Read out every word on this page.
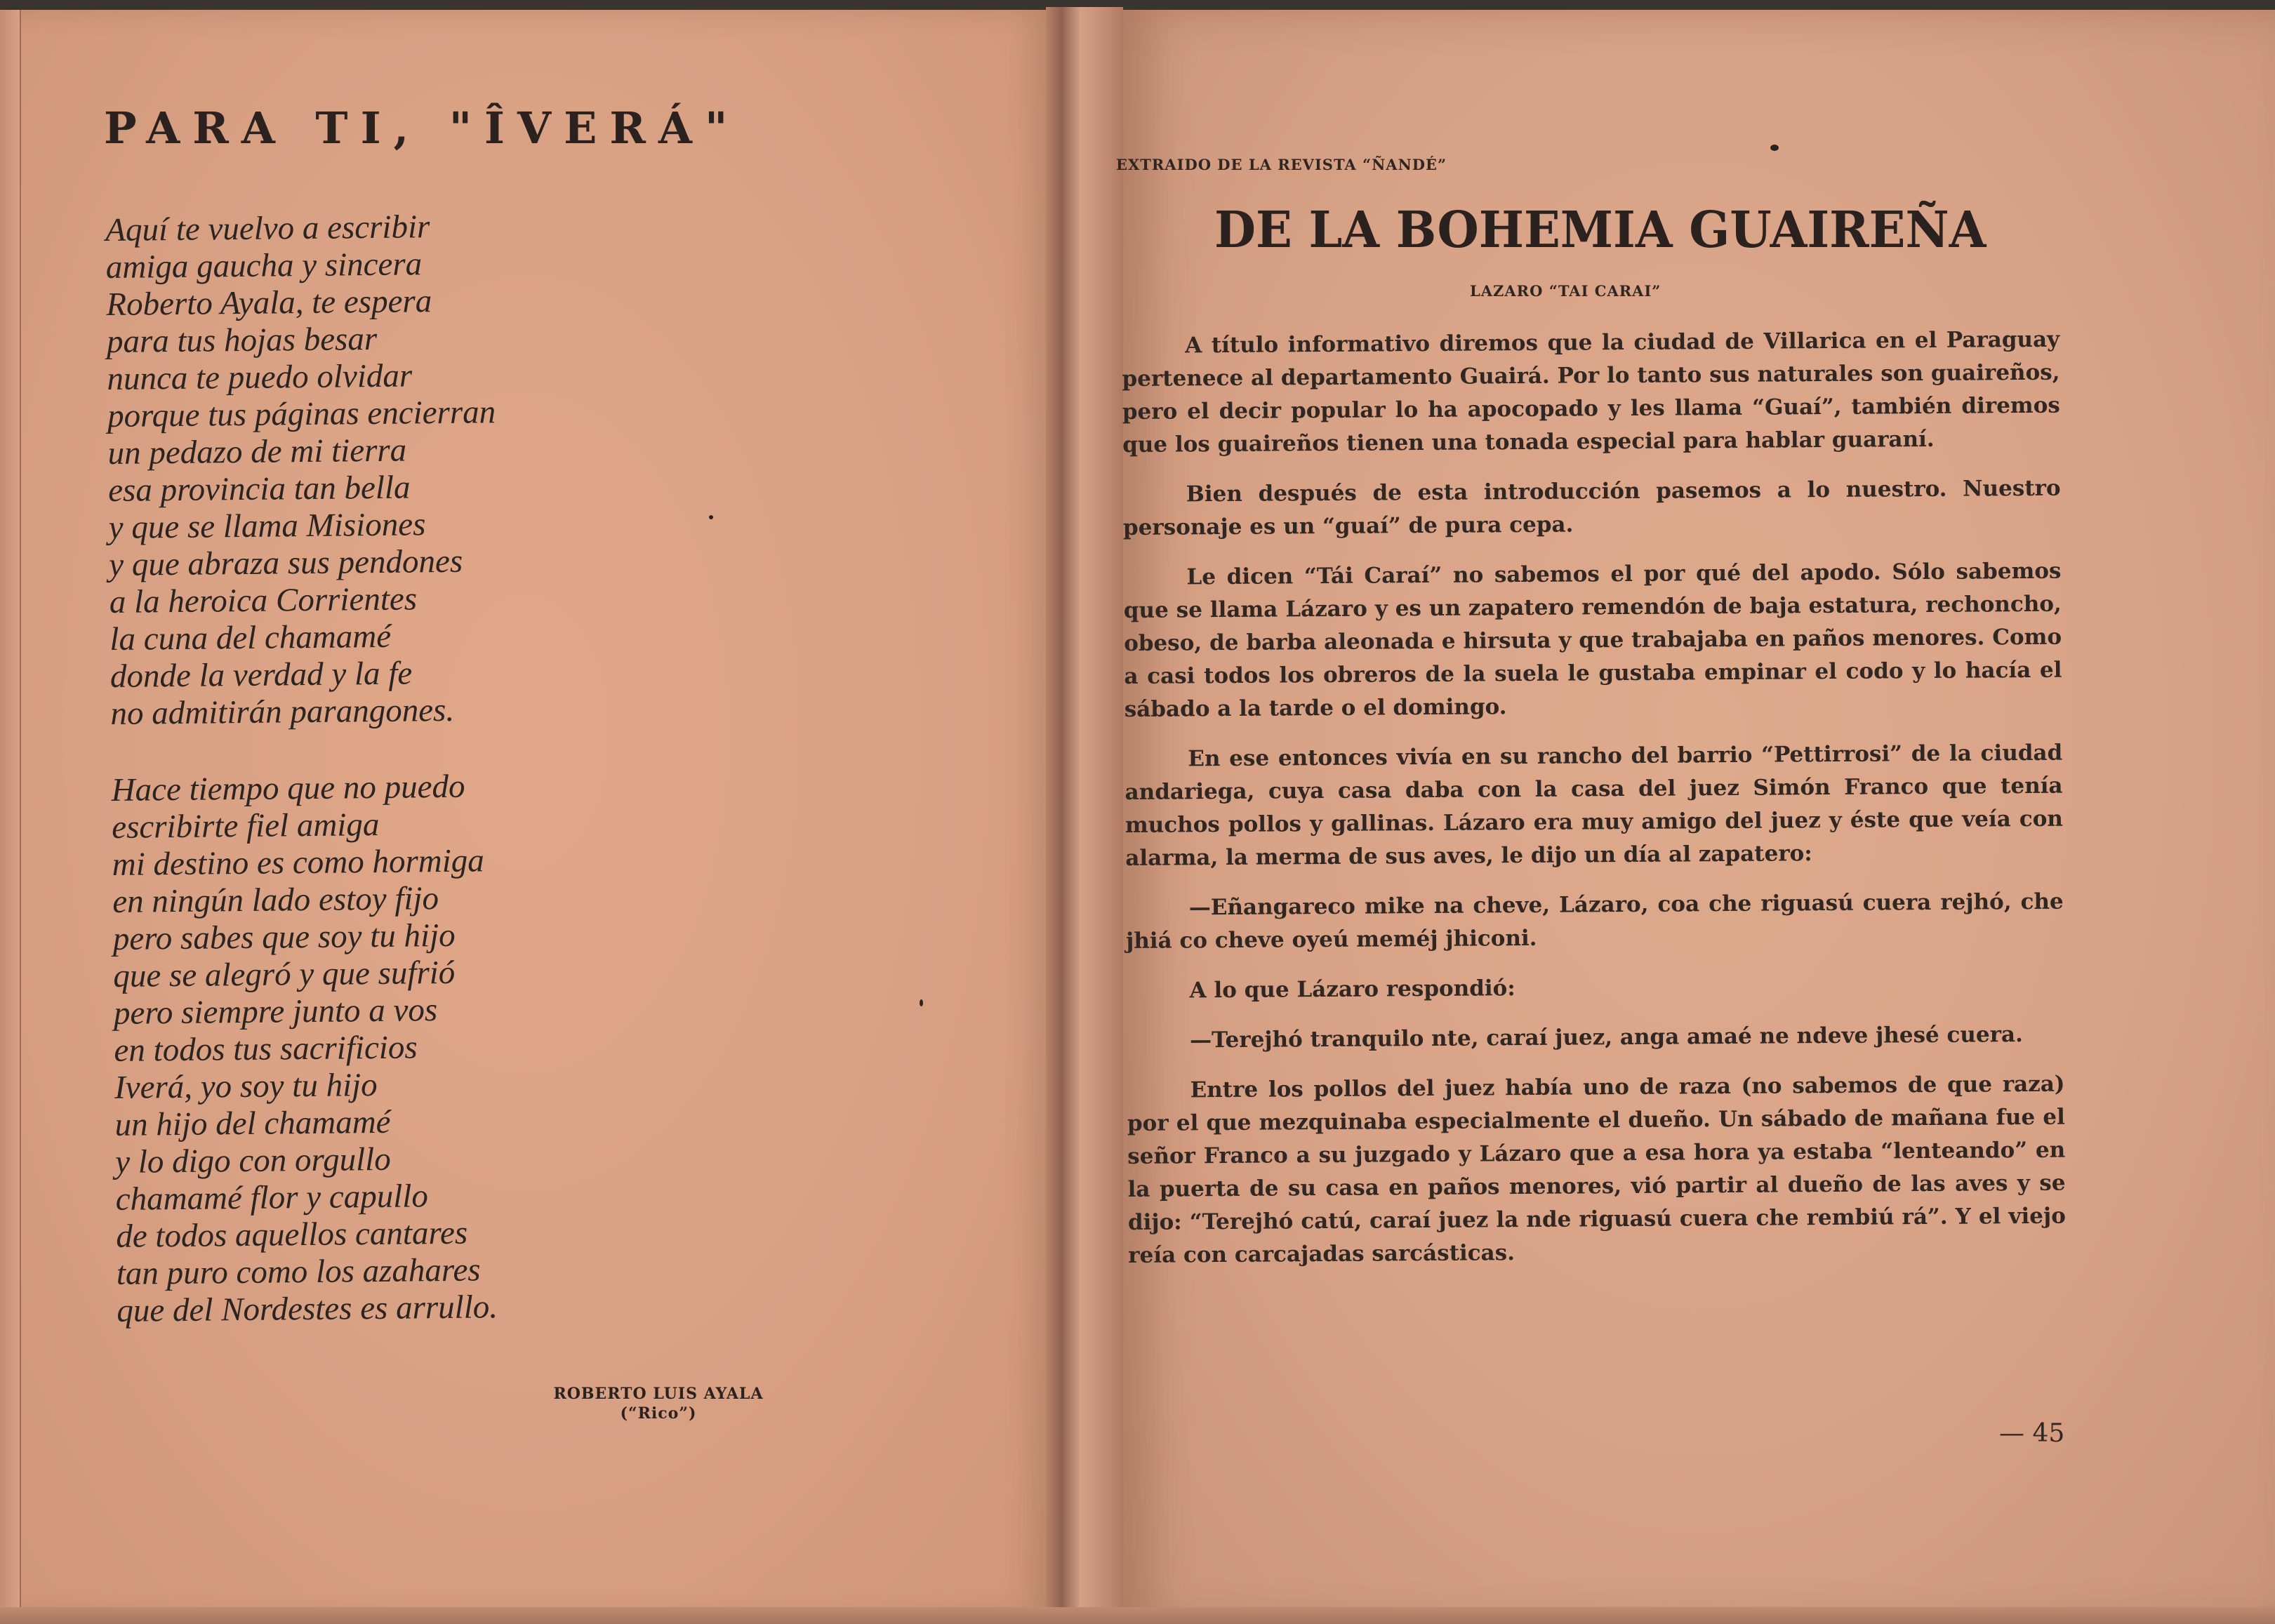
PARA TI, "ÎVERÁ"
Aquí te vuelvo a escribir
amiga gaucha y sincera
Roberto Ayala, te espera
para tus hojas besar
nunca te puedo olvidar
porque tus páginas encierran
un pedazo de mi tierra
esa provincia tan bella
y que se llama Misiones
y que abraza sus pendones
a la heroica Corrientes
la cuna del chamamé
donde la verdad y la fe
no admitirán parangones.
Hace tiempo que no puedo
escribirte fiel amiga
mi destino es como hormiga
en ningún lado estoy fijo
pero sabes que soy tu hijo
que se alegró y que sufrió
pero siempre junto a vos
en todos tus sacrificios
Iverá, yo soy tu hijo
un hijo del chamamé
y lo digo con orgullo
chamamé flor y capullo
de todos aquellos cantares
tan puro como los azahares
que del Nordestes es arrullo.
ROBERTO LUIS AYALA
(“Rico”)
EXTRAIDO DE LA REVISTA “ÑANDÉ”
DE LA BOHEMIA GUAIREÑA
LAZARO “TAI CARAI”

A título informativo diremos que la ciudad de Villarica en el Paraguay pertenece al departamento Guairá. Por lo tanto sus naturales son guaireños, pero el decir popular lo ha apocopado y les llama “Guaí”, también diremos que los guaireños tienen una tonada especial para hablar guaraní.

Bien después de esta introducción pasemos a lo nuestro. Nuestro personaje es un “guaí” de pura cepa.

Le dicen “Tái Caraí” no sabemos el por qué del apodo. Sólo sabemos que se llama Lázaro y es un zapatero remendón de baja estatura, rechoncho, obeso, de barba aleonada e hirsuta y que trabajaba en paños menores. Como a casi todos los obreros de la suela le gustaba empinar el codo y lo hacía el sábado a la tarde o el domingo.

En ese entonces vivía en su rancho del barrio “Pettirrosi” de la ciudad andariega, cuya casa daba con la casa del juez Simón Franco que tenía muchos pollos y gallinas. Lázaro era muy amigo del juez y éste que veía con alarma, la merma de sus aves, le dijo un día al zapatero:

—Eñangareco mike na cheve, Lázaro, coa che riguasú cuera rejhó, che jhiá co cheve oyeú meméj jhiconi.

A lo que Lázaro respondió:

—Terejhó tranquilo nte, caraí juez, anga amaé ne ndeve jhesé cuera.

Entre los pollos del juez había uno de raza (no sabemos de que raza) por el que mezquinaba especialmente el dueño. Un sábado de mañana fue el señor Franco a su juzgado y Lázaro que a esa hora ya estaba “lenteando” en la puerta de su casa en paños menores, vió partir al dueño de las aves y se dijo: “Terejhó catú, caraí juez la nde riguasú cuera che rembiú rá”. Y el viejo reía con carcajadas sarcásticas.

— 45
